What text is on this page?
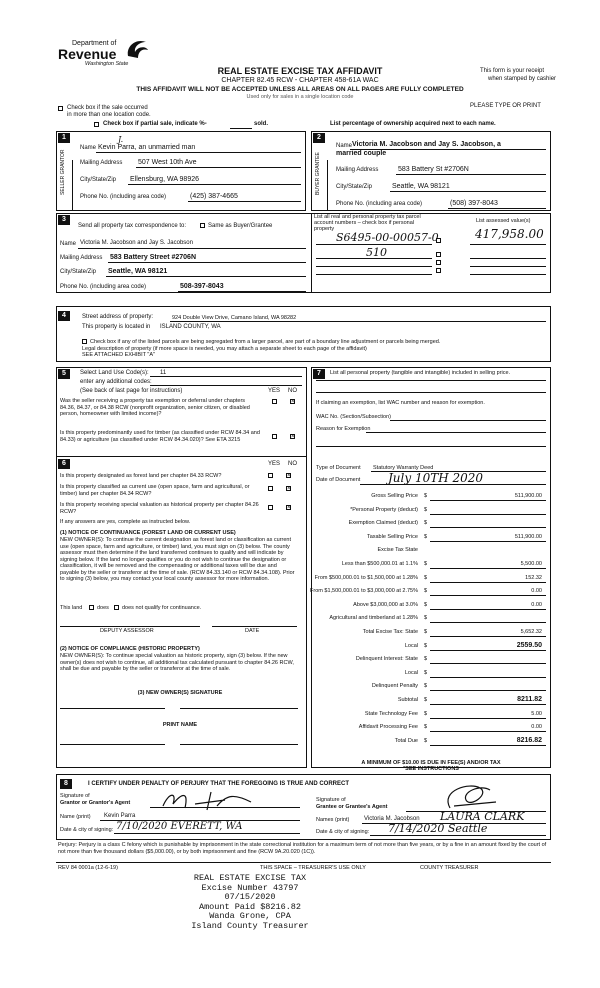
Department of
Revenue
Washington State
REAL ESTATE EXCISE TAX AFFIDAVIT
CHAPTER 82.45 RCW - CHAPTER 458-61A WAC
THIS AFFIDAVIT WILL NOT BE ACCEPTED UNLESS ALL AREAS ON ALL PAGES ARE FULLY COMPLETED
Used only for sales in a single location code
This form is your receipt
when stamped by cashier
PLEASE TYPE OR PRINT
Check box if the sale occurred
in more than one location code.
Check box if partial sale, indicate %-	sold.	List percentage of ownership acquired next to each name.
1
SELLER GRANTOR
Name
J.
Kevin Parra, an unmarried man
Mailing Address 507 West 10th Ave
City/State/Zip Ellensburg, WA 98926
Phone No. (including area code)	(425) 387-4665
2
BUYER GRANTEE
Name Victoria M. Jacobson and Jay S. Jacobson, a
married couple
Mailing Address	583 Battery St #2706N
City/State/Zip	Seattle, WA 98121
Phone No. (including area code)	(508) 397-8043
3
Send all property tax correspondence to:	Same as Buyer/Grantee
Name Victoria M. Jacobson and Jay S. Jacobson
Mailing Address 583 Battery Street #2706N
City/State/Zip Seattle, WA 98121
Phone No. (including area code)	508-397-8043
List all real and personal property tax parcel
account numbers – check box if personal
property
List assessed value(s)
S6495-00-00057-0	417,958.00
510
4	Street address of property:	924 Double View Drive, Camano Island, WA 98282
This property is located in ISLAND COUNTY, WA
Check box if any of the listed parcels are being segregated from a larger parcel, are part of a boundary line adjustment or parcels being merged.
Legal description of property (if more space is needed, you may attach a separate sheet to each page of the affidavit)
SEE ATTACHED EXHIBIT "A"
5	Select Land Use Code(s): 11
enter any additional codes:
(See back of last page for instructions)	YES NO
Was the seller receiving a property tax exemption or deferral under chapters 84.36, 84.37, or 84.38 RCW (nonprofit organization, senior citizen, or disabled person, homeowner with limited income)?
×
Is this property predominantly used for timber (as classified under RCW 84.34 and 84.33) or agriculture (as classified under RCW 84.34.020)? See ETA 3215	×
6	YES NO
Is this property designated as forest land per chapter 84.33 RCW?	×
Is this property classified as current use (open space, farm and agricultural, or timber) land per chapter 84.34 RCW?
×
Is this property receiving special valuation as historical property per chapter 84.26 RCW?
×
If any answers are yes, complete as instructed below.
(1) NOTICE OF CONTINUANCE (FOREST LAND OR CURRENT USE)
NEW OWNER(S): To continue the current designation as forest land or classification as current use (open space, farm and agriculture, or timber) land, you must sign on (3) below. The county assessor must then determine if the land transferred continues to qualify and will indicate by signing below. If the land no longer qualifies or you do not wish to continue the designation or classification, it will be removed and the compensating or additional taxes will be due and payable by the seller or transferor at the time of sale. (RCW 84.33.140 or RCW 84.34.108). Prior to signing (3) below, you may contact your local county assessor for more information.
This land	does does not qualify for continuance.
DEPUTY ASSESSOR	DATE
(2) NOTICE OF COMPLIANCE (HISTORIC PROPERTY)
NEW OWNER(S): To continue special valuation as historic property, sign (3) below. If the new owner(s) does not wish to continue, all additional tax calculated pursuant to chapter 84.26 RCW, shall be due and payable by the seller or transferor at the time of sale.
(3) NEW OWNER(S) SIGNATURE
PRINT NAME
7	List all personal property (tangible and intangible) included in selling price.
If claiming an exemption, list WAC number and reason for exemption.
WAC No. (Section/Subsection)
Reason for Exemption
Type of Document Statutory Warranty Deed
Date of Document July 10TH 2020
Gross Selling Price $	511,900.00
*Personal Property (deduct) $
Exemption Claimed (deduct) $
Taxable Selling Price $	511,900.00
Excise Tax State
Less than $500,000.01 at 1.1% $	5,500.00
From $500,000.01 to $1,500,000 at 1.28% $	152.32
From $1,500,000.01 to $3,000,000 at 2.75% $	0.00
Above $3,000,000 at 3.0% $	0.00
Agricultural and timberland at 1.28% $
Total Excise Tax: State $	5,652.32
Local $	2559.50
Delinquent Interest: State $
Local $
Delinquent Penalty $
Subtotal $	8211.82
State Technology Fee $	5.00
Affidavit Processing Fee $	0.00
Total Due $	8216.82
A MINIMUM OF $10.00 IS DUE IN FEE(S) AND/OR TAX
*SEE INSTRUCTIONS
8	I CERTIFY UNDER PENALTY OF PERJURY THAT THE FOREGOING IS TRUE AND CORRECT
Signature of
Grantor or Grantor's Agent
Name (print) Kevin Parra
Date & city of signing: 7/10/2020 EVERETT, WA
Signature of
Grantee or Grantee's Agent
Names (print) Victoria M. Jacobson LAURA CLARK
Date & city of signing: 7/14/2020 Seattle
Perjury: Perjury is a class C felony which is punishable by imprisonment in the state correctional institution for a maximum term of not more than five years, or by a fine in an amount fixed by the court of not more than five thousand dollars ($5,000.00), or by both imprisonment and fine (RCW 9A.20.020 (1C)).
REV 84 0001a (12-6-19)	THIS SPACE – TREASURER'S USE ONLY	COUNTY TREASURER
REAL ESTATE EXCISE TAX
Excise Number 43797
07/15/2020
Amount Paid $8216.82
Wanda Grone, CPA
Island County Treasurer
